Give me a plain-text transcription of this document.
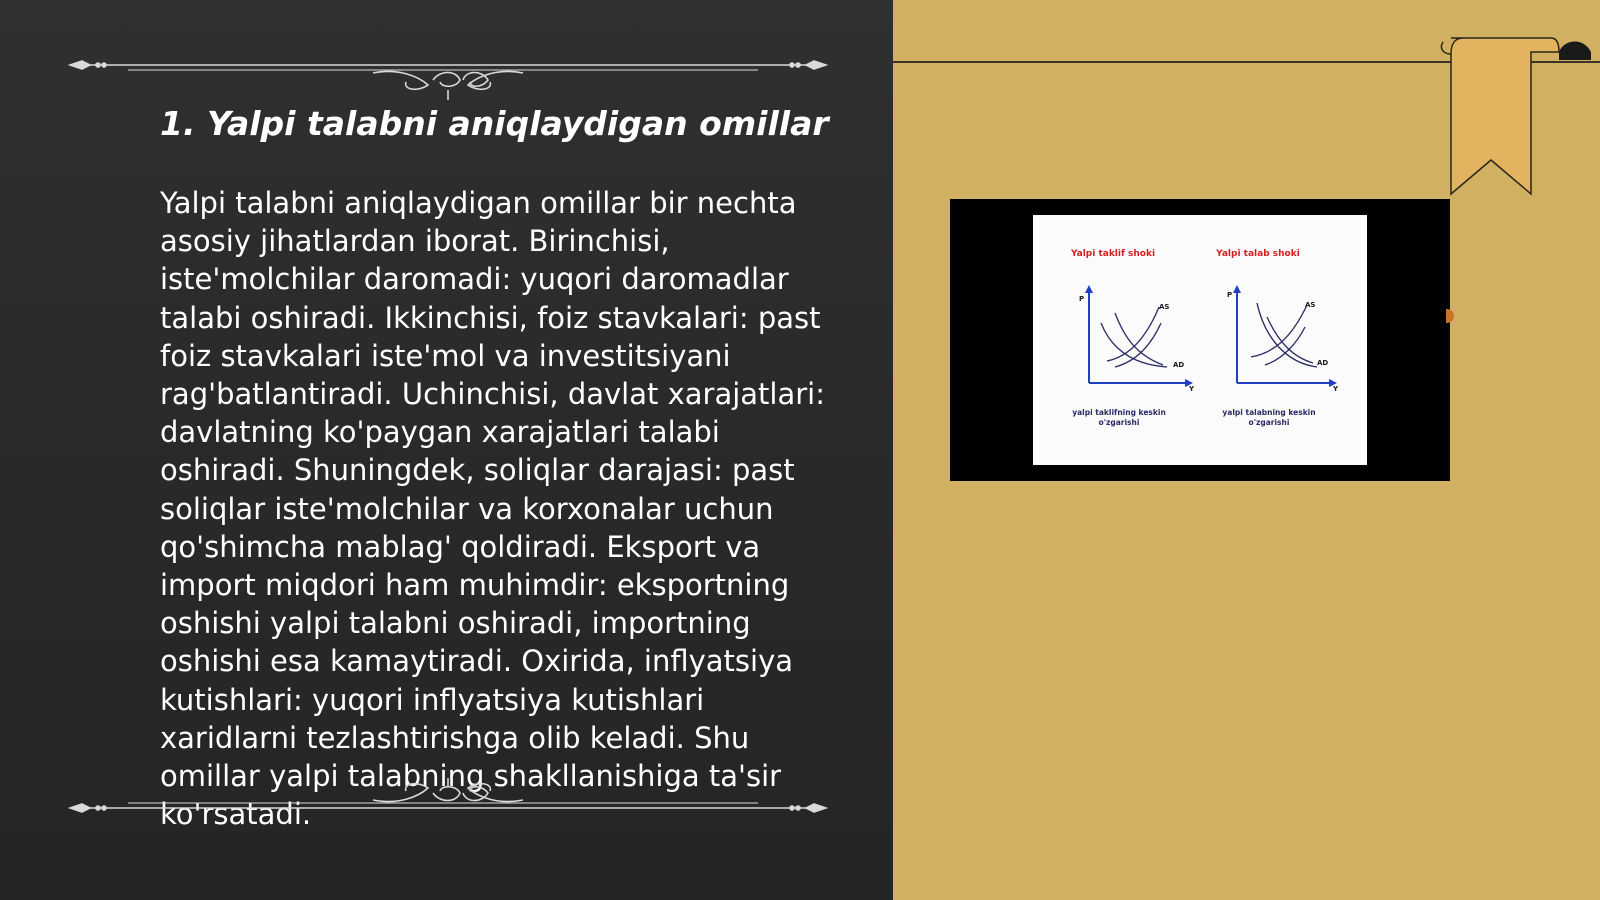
1. Yalpi talabni aniqlaydigan omillar

Yalpi talabni aniqlaydigan omillar bir nechta asosiy jihatlardan iborat. Birinchisi, iste'molchilar daromadi: yuqori daromadlar talabi oshiradi. Ikkinchisi, foiz stavkalari: past foiz stavkalari iste'mol va investitsiyani rag'batlantiradi. Uchinchisi, davlat xarajatlari: davlatning ko'paygan xarajatlari talabi oshiradi. Shuningdek, soliqlar darajasi: past soliqlar iste'molchilar va korxonalar uchun qo'shimcha mablag' qoldiradi. Eksport va import miqdori ham muhimdir: eksportning oshishi yalpi talabni oshiradi, importning oshishi esa kamaytiradi. Oxirida, inflyatsiya kutishlari: yuqori inflyatsiya kutishlari xaridlarni tezlashtirishga olib keladi. Shu omillar yalpi talabning shakllanishiga ta'sir ko'rsatadi.

Yalpi taklif shoki

P
Y
AS
AD

yalpi taklifning keskin o'zgarishi

Yalpi talab shoki

P
Y
AS
AD

yalpi talabning keskin o'zgarishi
